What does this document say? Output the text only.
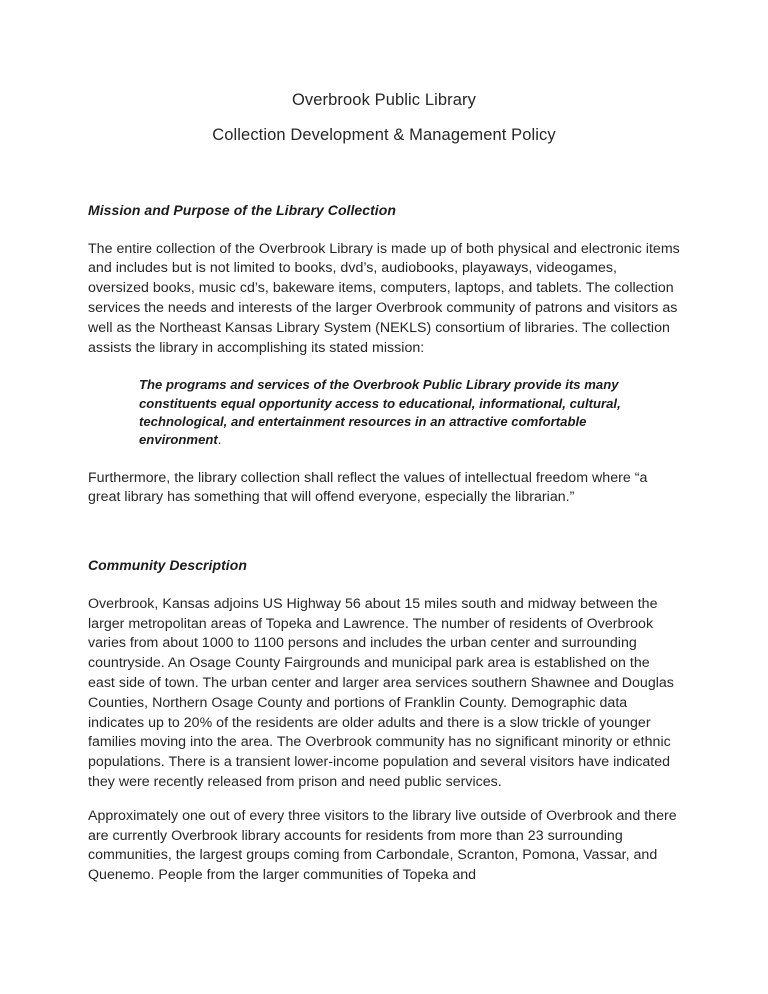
Overbrook Public Library
Collection Development & Management Policy
Mission and Purpose of the Library Collection

The entire collection of the Overbrook Library is made up of both physical and electronic items and includes but is not limited to books, dvd’s, audiobooks, playaways, videogames, oversized books, music cd’s, bakeware items, computers, laptops, and tablets. The collection services the needs and interests of the larger Overbrook community of patrons and visitors as well as the Northeast Kansas Library System (NEKLS) consortium of libraries. The collection assists the library in accomplishing its stated mission:

The programs and services of the Overbrook Public Library provide its many constituents equal opportunity access to educational, informational, cultural, technological, and entertainment resources in an attractive comfortable environment.

Furthermore, the library collection shall reflect the values of intellectual freedom where “a great library has something that will offend everyone, especially the librarian.”

Community Description

Overbrook, Kansas adjoins US Highway 56 about 15 miles south and midway between the larger metropolitan areas of Topeka and Lawrence. The number of residents of Overbrook varies from about 1000 to 1100 persons and includes the urban center and surrounding countryside. An Osage County Fairgrounds and municipal park area is established on the east side of town. The urban center and larger area services southern Shawnee and Douglas Counties, Northern Osage County and portions of Franklin County. Demographic data indicates up to 20% of the residents are older adults and there is a slow trickle of younger families moving into the area. The Overbrook community has no significant minority or ethnic populations. There is a transient lower-income population and several visitors have indicated they were recently released from prison and need public services.

Approximately one out of every three visitors to the library live outside of Overbrook and there are currently Overbrook library accounts for residents from more than 23 surrounding communities, the largest groups coming from Carbondale, Scranton, Pomona, Vassar, and Quenemo. People from the larger communities of Topeka and
